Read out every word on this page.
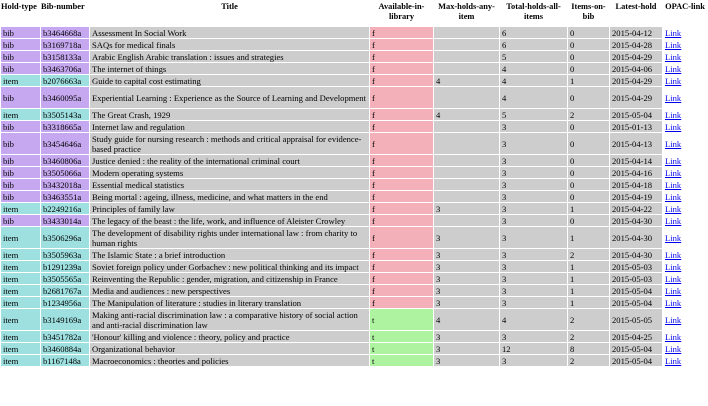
Hold-type	Bib-number	Title	Available-in-library	Max-holds-any-item	Total-holds-all-items	Items-on-bib	Latest-hold	OPAC-link
bib	b3464668a	Assessment In Social Work	f		6	0	2015-04-12	Link
bib	b3169718a	SAQs for medical finals	f		6	0	2015-04-28	Link
bib	b3158133a	Arabic English Arabic translation : issues and strategies	f		5	0	2015-04-29	Link
bib	b3463706a	The internet of things	f		4	0	2015-04-06	Link
item	b2076663a	Guide to capital cost estimating	f	4	4	1	2015-04-29	Link
bib	b3460095a	Experiential Learning : Experience as the Source of Learning and Development	f		4	0	2015-04-29	Link
item	b3505143a	The Great Crash, 1929	f	4	5	2	2015-05-04	Link
bib	b3318665a	Internet law and regulation	f		3	0	2015-01-13	Link
bib	b3454646a	Study guide for nursing research : methods and critical appraisal for evidence-based practice	f		3	0	2015-04-13	Link
bib	b3460806a	Justice denied : the reality of the international criminal court	f		3	0	2015-04-14	Link
bib	b3505066a	Modern operating systems	f		3	0	2015-04-16	Link
bib	b3432018a	Essential medical statistics	f		3	0	2015-04-18	Link
bib	b3463551a	Being mortal : ageing, illness, medicine, and what matters in the end	f		3	0	2015-04-19	Link
item	b2249216a	Principles of family law	f	3	3	1	2015-04-22	Link
bib	b3433014a	The legacy of the beast : the life, work, and influence of Aleister Crowley	f		3	0	2015-04-30	Link
item	b3506296a	The development of disability rights under international law : from charity to human rights	f	3	3	1	2015-04-30	Link
item	b3505963a	The Islamic State : a brief introduction	f	3	3	2	2015-04-30	Link
item	b1291239a	Soviet foreign policy under Gorbachev : new political thinking and its impact	f	3	3	1	2015-05-03	Link
item	b3505565a	Reinventing the Republic : gender, migration, and citizenship in France	f	3	3	1	2015-05-03	Link
item	b2681767a	Media and audiences : new perspectives	f	3	3	1	2015-05-04	Link
item	b1234956a	The Manipulation of literature : studies in literary translation	f	3	3	1	2015-05-04	Link
item	b3149169a	Making anti-racial discrimination law : a comparative history of social action and anti-racial discrimination law	t	4	4	2	2015-05-05	Link
item	b3451782a	'Honour' killing and violence : theory, policy and practice	t	3	3	2	2015-04-25	Link
item	b3460884a	Organizational behavior	t	3	12	8	2015-05-04	Link
item	b1167148a	Macroeconomics : theories and policies	t	3	3	2	2015-05-04	Link
